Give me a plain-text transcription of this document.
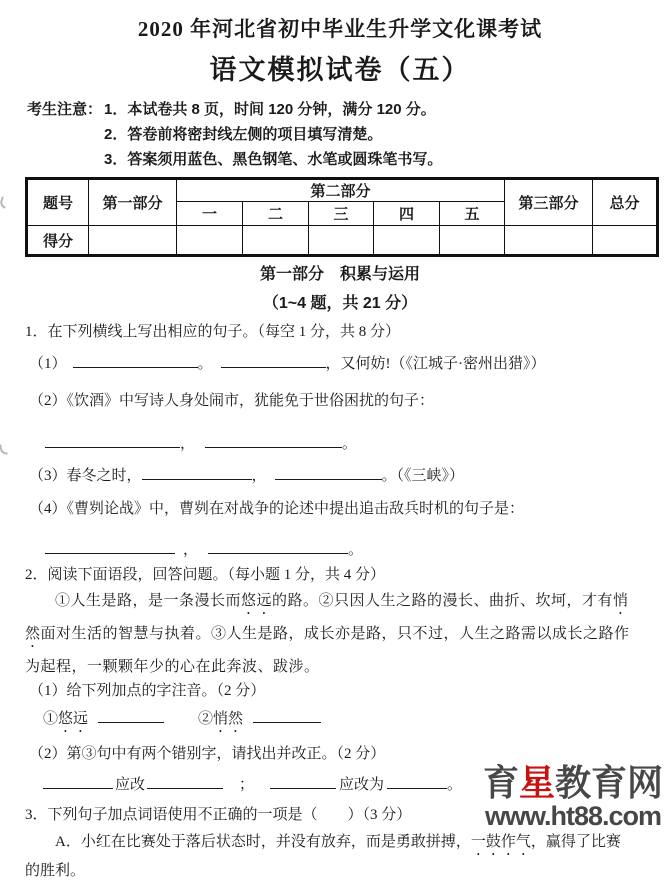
2020 年河北省初中毕业生升学文化课考试
语文模拟试卷（五）
考生注意： 1．本试卷共 8 页，时间 120 分钟，满分 120 分。
2．答卷前将密封线左侧的项目填写清楚。
3．答案须用蓝色、黑色钢笔、水笔或圆珠笔书写。
题号	第一部分	第二部分					第三部分	总分
		一	二	三	四	五		
得分								
第一部分　积累与运用
（1~4 题，共 21 分）
1．在下列横线上写出相应的句子。（每空 1 分，共 8 分）
（1）	。	，又何妨!（《江城子·密州出猎》）
（2）《饮酒》中写诗人身处闹市，犹能免于世俗困扰的句子：
，	。
（3）春冬之时，	，	。（《三峡》）
（4）《曹刿论战》中，曹刿在对战争的论述中提出追击敌兵时机的句子是：
，	。
2．阅读下面语段，回答问题。（每小题 1 分，共 4 分）
①人生是路，是一条漫长而悠远的路。②只因人生之路的漫长、曲折、坎坷，才有悄
然面对生活的智慧与执着。③人生是路，成长亦是路，只不过，人生之路需以成长之路作
为起程，一颗颗年少的心在此奔波、跋涉。
（1）给下列加点的字注音。（2 分）
①悠远	②悄然
（2）第③句中有两个错别字，请找出并改正。（2 分）
应改	；	应改为	。
3．下列句子加点词语使用不正确的一项是（　　）（3 分）
A．小红在比赛处于落后状态时，并没有放弃，而是勇敢拼搏，一鼓作气，赢得了比赛
的胜利。
育星教育网
www.ht88.com
